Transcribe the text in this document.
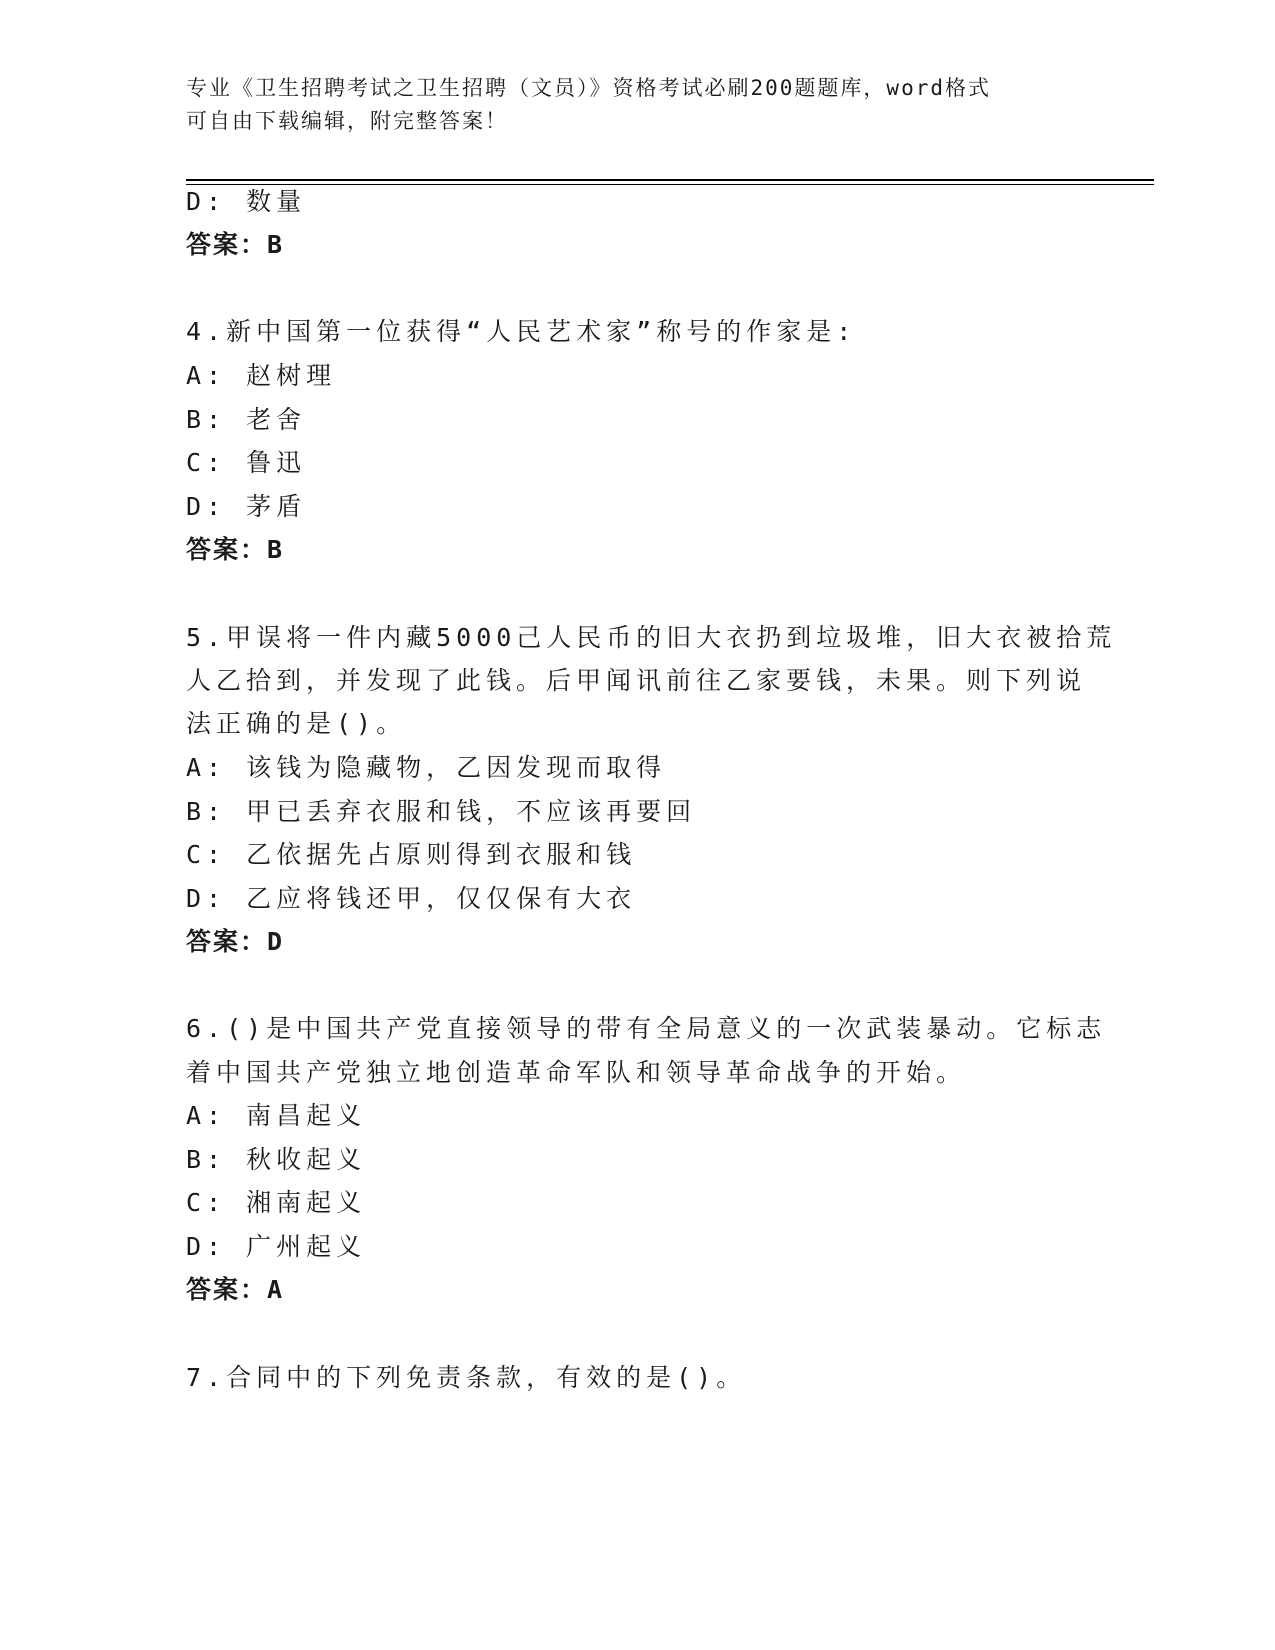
专业《卫生招聘考试之卫生招聘（文员）》资格考试必刷200题题库，word格式
可自由下载编辑，附完整答案！
D: 数量
答案：B
4.新中国第一位获得“人民艺术家”称号的作家是:
A: 赵树理
B: 老舍
C: 鲁迅
D: 茅盾
答案：B
5.甲误将一件内藏5000己人民币的旧大衣扔到垃圾堆，旧大衣被拾荒
人乙拾到，并发现了此钱。后甲闻讯前往乙家要钱，未果。则下列说
法正确的是()。
A: 该钱为隐藏物，乙因发现而取得
B: 甲已丢弃衣服和钱，不应该再要回
C: 乙依据先占原则得到衣服和钱
D: 乙应将钱还甲，仅仅保有大衣
答案：D
6.()是中国共产党直接领导的带有全局意义的一次武装暴动。它标志
着中国共产党独立地创造革命军队和领导革命战争的开始。
A: 南昌起义
B: 秋收起义
C: 湘南起义
D: 广州起义
答案：A
7.合同中的下列免责条款，有效的是()。
